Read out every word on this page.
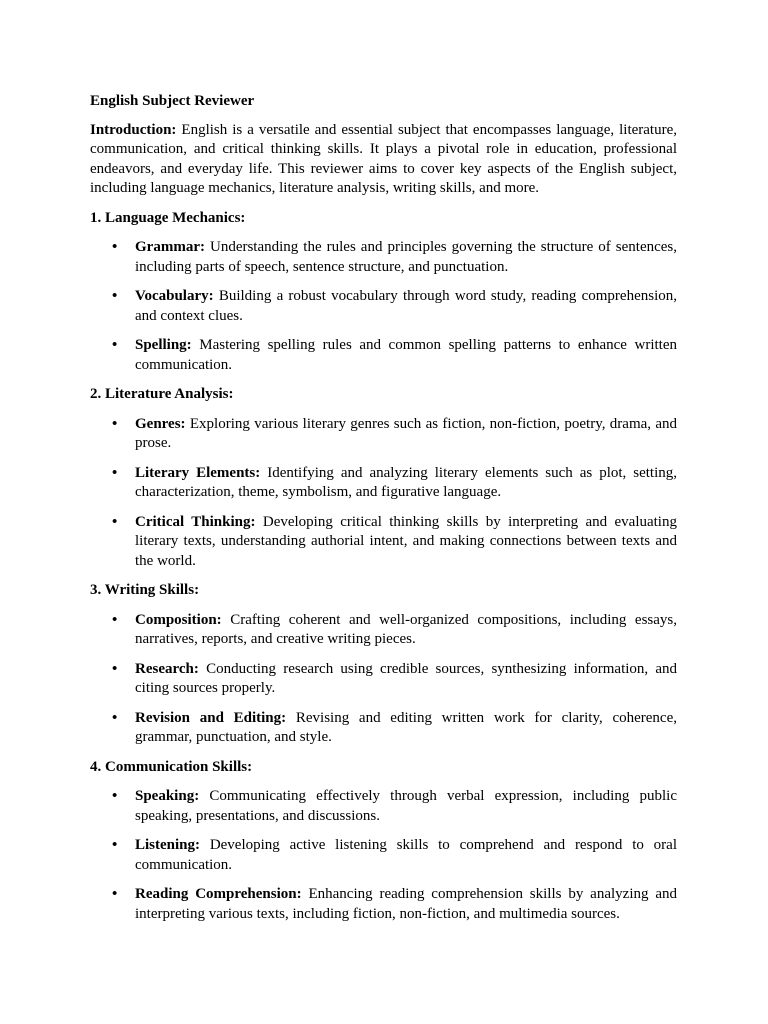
English Subject Reviewer

Introduction: English is a versatile and essential subject that encompasses language, literature, communication, and critical thinking skills. It plays a pivotal role in education, professional endeavors, and everyday life. This reviewer aims to cover key aspects of the English subject, including language mechanics, literature analysis, writing skills, and more.

1. Language Mechanics:

• Grammar: Understanding the rules and principles governing the structure of sentences, including parts of speech, sentence structure, and punctuation.
• Vocabulary: Building a robust vocabulary through word study, reading comprehension, and context clues.
• Spelling: Mastering spelling rules and common spelling patterns to enhance written communication.

2. Literature Analysis:

• Genres: Exploring various literary genres such as fiction, non-fiction, poetry, drama, and prose.
• Literary Elements: Identifying and analyzing literary elements such as plot, setting, characterization, theme, symbolism, and figurative language.
• Critical Thinking: Developing critical thinking skills by interpreting and evaluating literary texts, understanding authorial intent, and making connections between texts and the world.

3. Writing Skills:

• Composition: Crafting coherent and well-organized compositions, including essays, narratives, reports, and creative writing pieces.
• Research: Conducting research using credible sources, synthesizing information, and citing sources properly.
• Revision and Editing: Revising and editing written work for clarity, coherence, grammar, punctuation, and style.

4. Communication Skills:

• Speaking: Communicating effectively through verbal expression, including public speaking, presentations, and discussions.
• Listening: Developing active listening skills to comprehend and respond to oral communication.
• Reading Comprehension: Enhancing reading comprehension skills by analyzing and interpreting various texts, including fiction, non-fiction, and multimedia sources.
